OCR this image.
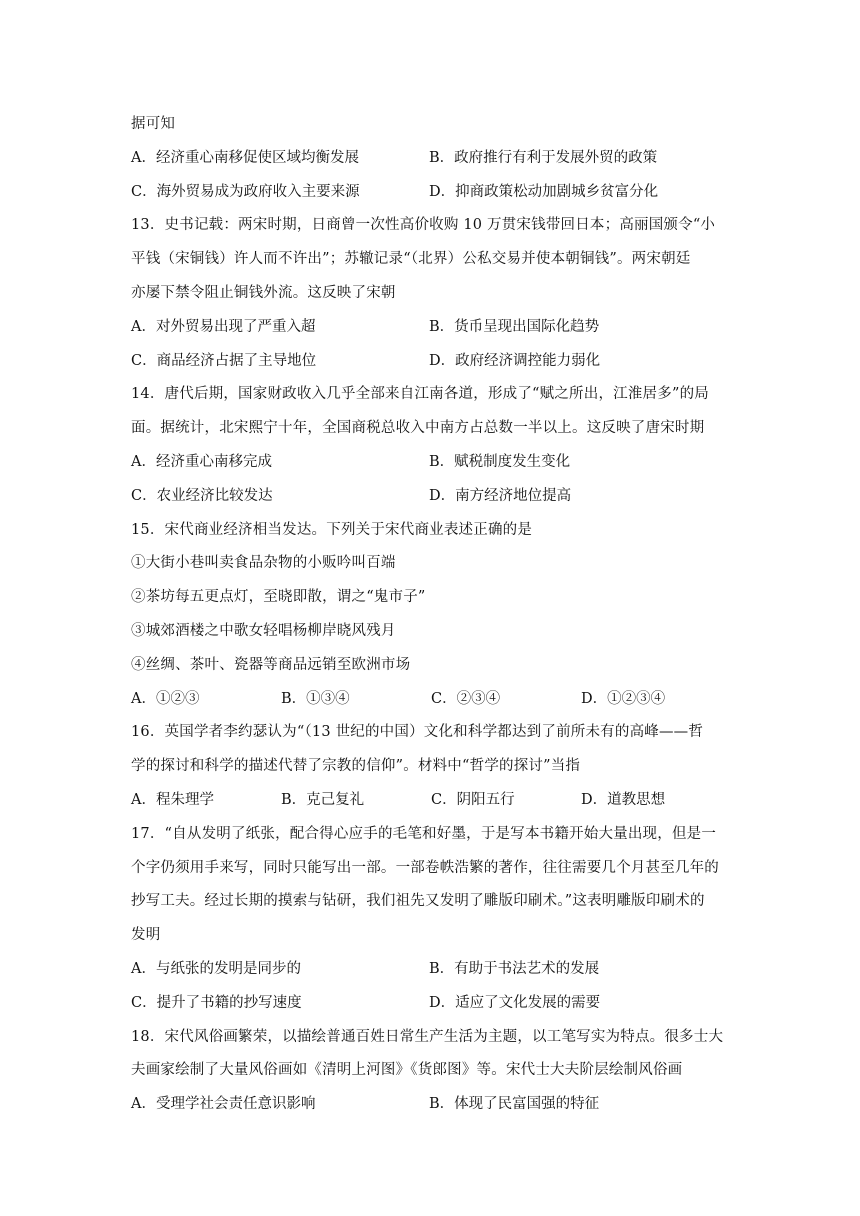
据可知
A．经济重心南移促使区域均衡发展	B．政府推行有利于发展外贸的政策
C．海外贸易成为政府收入主要来源	D．抑商政策松动加剧城乡贫富分化
13．史书记载：两宋时期，日商曾一次性高价收购 10 万贯宋钱带回日本；高丽国颁令“小
平钱（宋铜钱）许人而不许出”；苏辙记录“（北界）公私交易并使本朝铜钱”。两宋朝廷
亦屡下禁令阻止铜钱外流。这反映了宋朝
A．对外贸易出现了严重入超	B．货币呈现出国际化趋势
C．商品经济占据了主导地位	D．政府经济调控能力弱化
14．唐代后期，国家财政收入几乎全部来自江南各道，形成了“赋之所出，江淮居多”的局
面。据统计，北宋熙宁十年，全国商税总收入中南方占总数一半以上。这反映了唐宋时期
A．经济重心南移完成	B．赋税制度发生变化
C．农业经济比较发达	D．南方经济地位提高
15．宋代商业经济相当发达。下列关于宋代商业表述正确的是
①大街小巷叫卖食品杂物的小贩吟叫百端
②茶坊每五更点灯，至晓即散，谓之“鬼市子”
③城郊酒楼之中歌女轻唱杨柳岸晓风残月
④丝绸、茶叶、瓷器等商品远销至欧洲市场
A．①②③	B．①③④	C．②③④	D．①②③④
16．英国学者李约瑟认为“（13 世纪的中国）文化和科学都达到了前所未有的高峰——哲
学的探讨和科学的描述代替了宗教的信仰”。材料中“哲学的探讨”当指
A．程朱理学	B．克己复礼	C．阴阳五行	D．道教思想
17．“自从发明了纸张，配合得心应手的毛笔和好墨，于是写本书籍开始大量出现，但是一
个字仍须用手来写，同时只能写出一部。一部卷帙浩繁的著作，往往需要几个月甚至几年的
抄写工夫。经过长期的摸索与钻研，我们祖先又发明了雕版印刷术。”这表明雕版印刷术的
发明
A．与纸张的发明是同步的	B．有助于书法艺术的发展
C．提升了书籍的抄写速度	D．适应了文化发展的需要
18．宋代风俗画繁荣，以描绘普通百姓日常生产生活为主题，以工笔写实为特点。很多士大
夫画家绘制了大量风俗画如《清明上河图》《货郎图》等。宋代士大夫阶层绘制风俗画
A．受理学社会责任意识影响	B．体现了民富国强的特征
